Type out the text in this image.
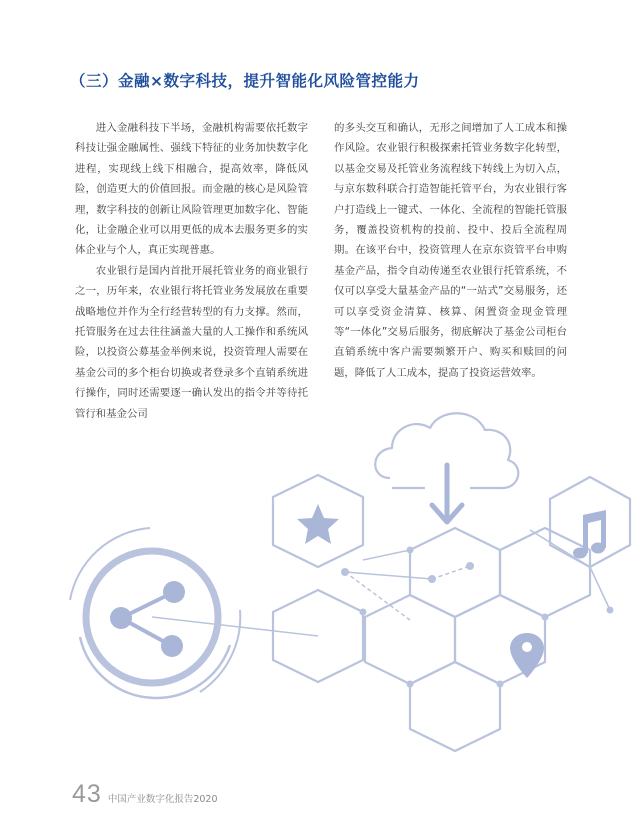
（三）金融×数字科技，提升智能化风险管控能力

进入金融科技下半场，金融机构需要依托数字科技让强金融属性、强线下特征的业务加快数字化进程，实现线上线下相融合，提高效率，降低风险，创造更大的价值回报。而金融的核心是风险管理，数字科技的创新让风险管理更加数字化、智能化，让金融企业可以用更低的成本去服务更多的实体企业与个人，真正实现普惠。

农业银行是国内首批开展托管业务的商业银行之一，历年来，农业银行将托管业务发展放在重要战略地位并作为全行经营转型的有力支撑。然而，托管服务在过去往往涵盖大量的人工操作和系统风险，以投资公募基金举例来说，投资管理人需要在基金公司的多个柜台切换或者登录多个直销系统进行操作，同时还需要逐一确认发出的指令并等待托管行和基金公司

的多头交互和确认，无形之间增加了人工成本和操作风险。农业银行积极探索托管业务数字化转型，以基金交易及托管业务流程线下转线上为切入点，与京东数科联合打造智能托管平台，为农业银行客户打造线上一键式、一体化、全流程的智能托管服务，覆盖投资机构的投前、投中、投后全流程周期。在该平台中，投资管理人在京东资管平台申购基金产品，指令自动传递至农业银行托管系统，不仅可以享受大量基金产品的“一站式”交易服务，还可以享受资金清算、核算、闲置资金现金管理等“一体化”交易后服务，彻底解决了基金公司柜台直销系统中客户需要频繁开户、购买和赎回的问题，降低了人工成本，提高了投资运营效率。

43 中国产业数字化报告2020
